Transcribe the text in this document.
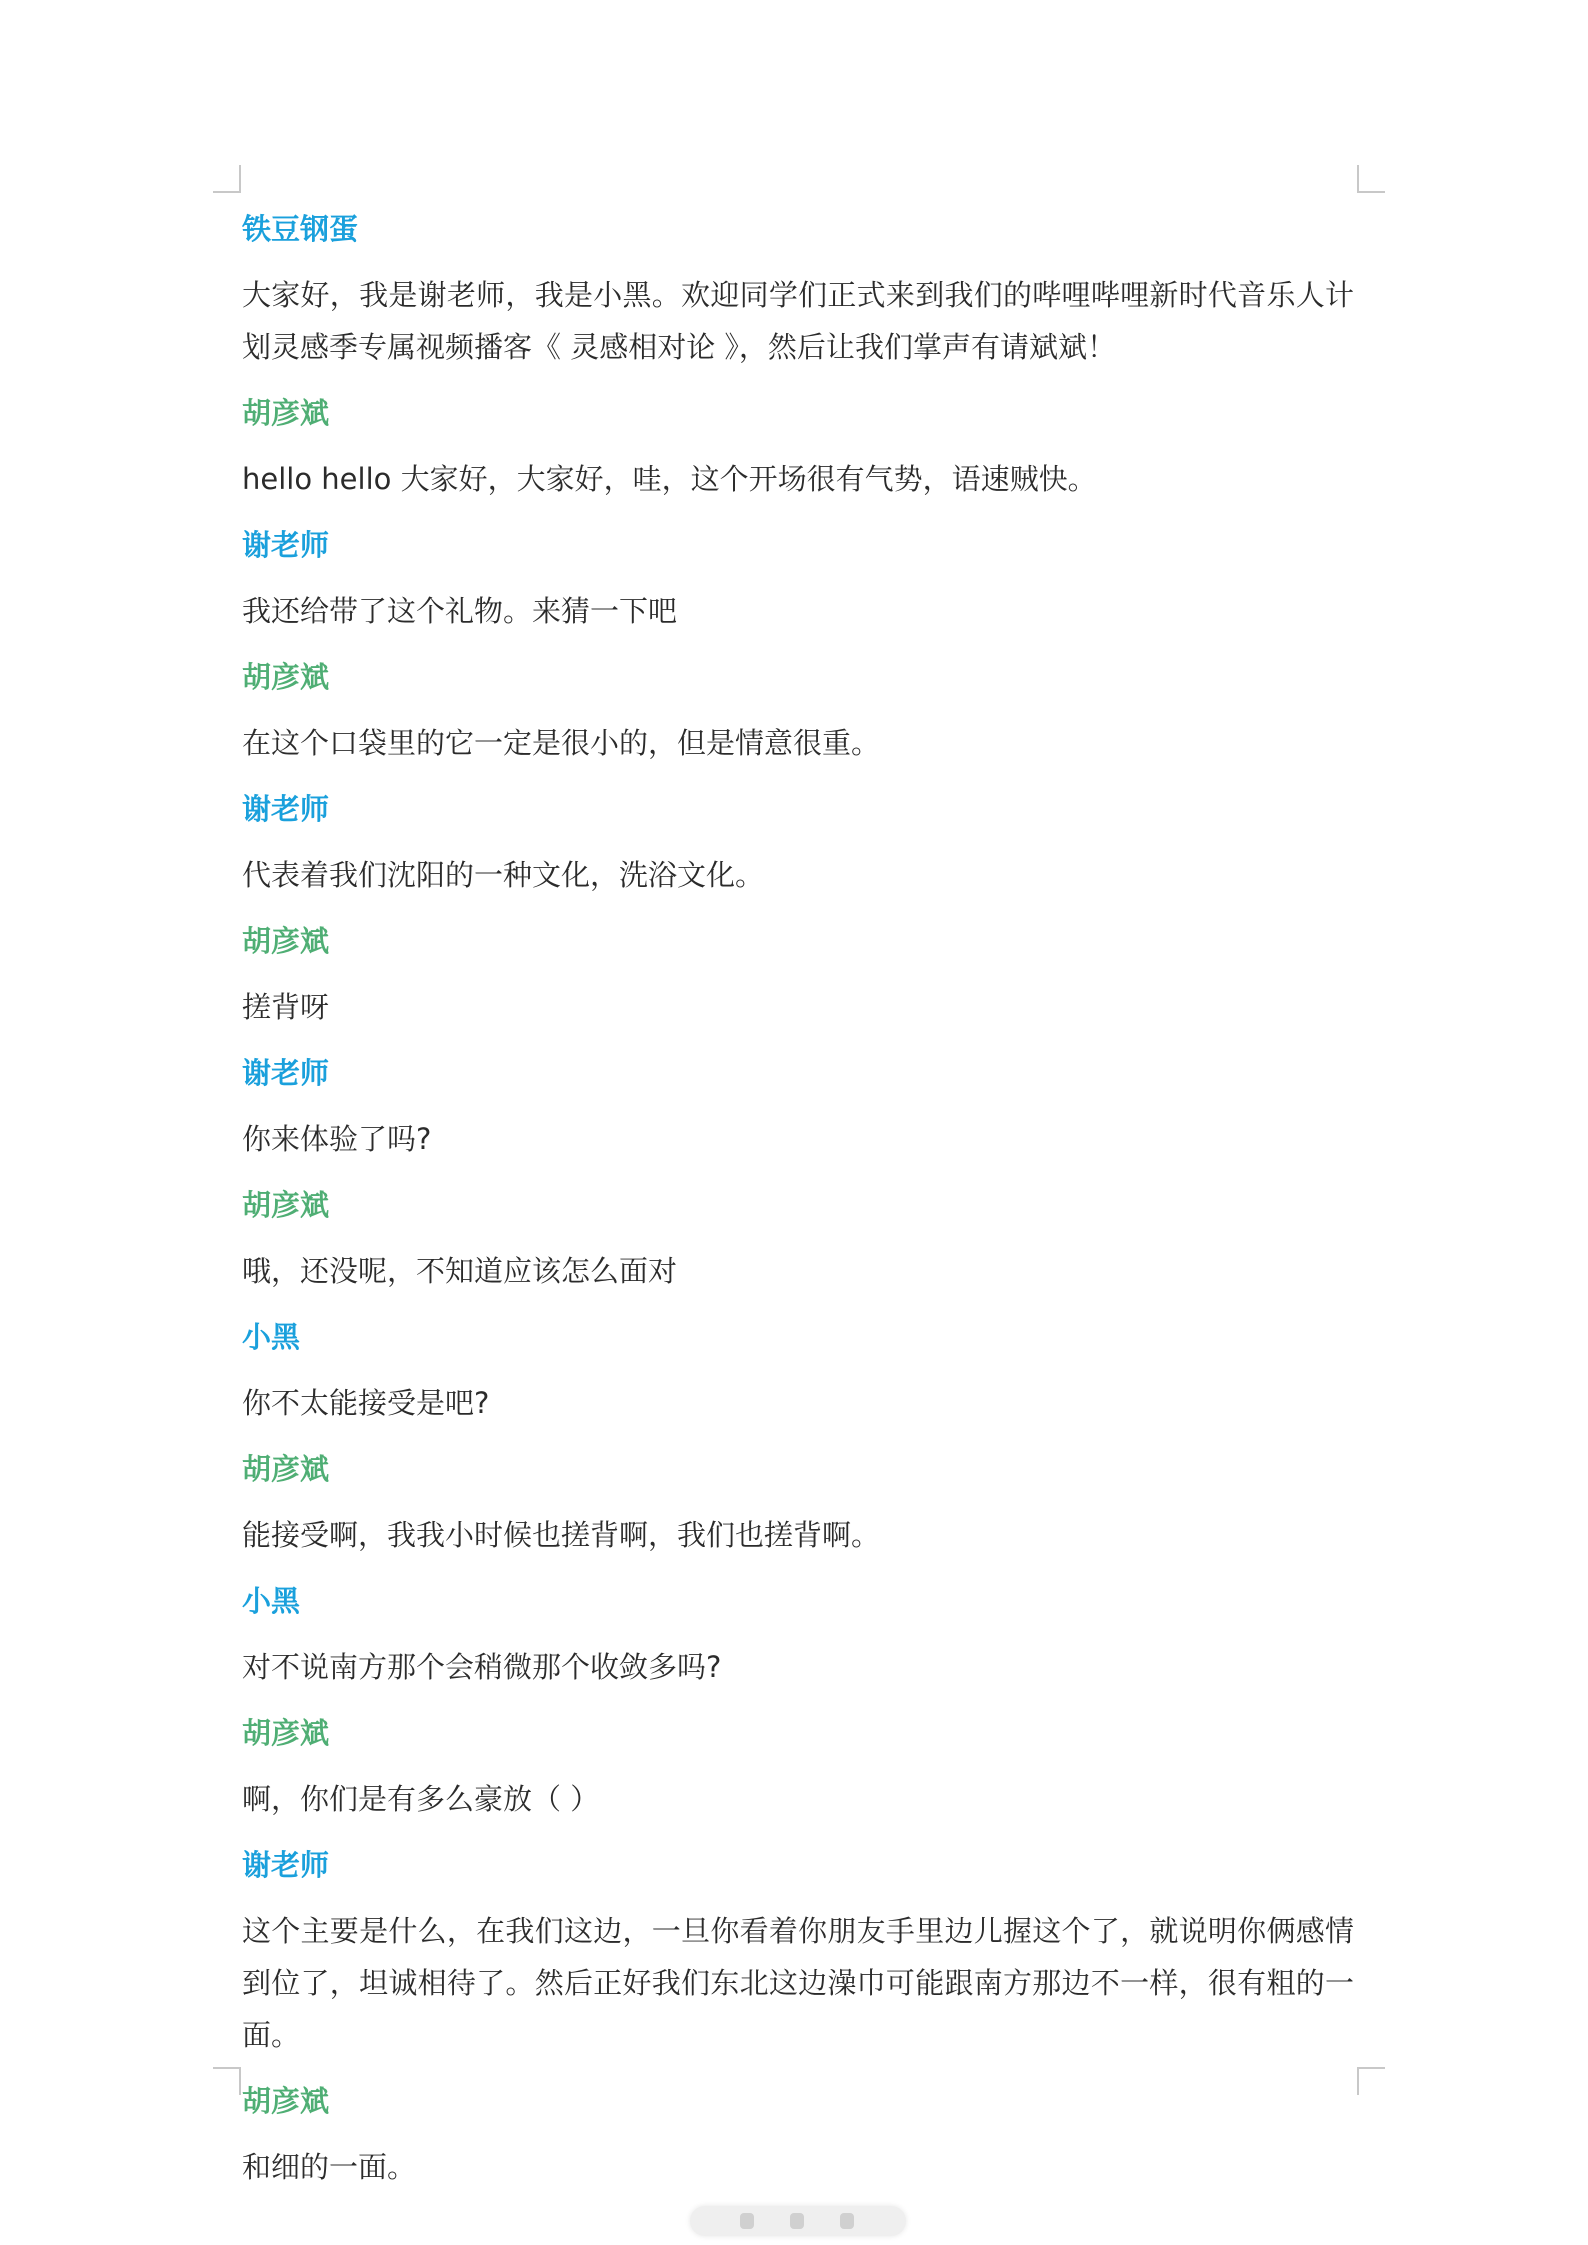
铁豆钢蛋
大家好，我是谢老师，我是小黑。欢迎同学们正式来到我们的哔哩哔哩新时代音乐人计划灵感季专属视频播客《 灵感相对论 》，然后让我们掌声有请斌斌！
胡彦斌
hello hello 大家好，大家好，哇，这个开场很有气势，语速贼快。
谢老师
我还给带了这个礼物。来猜一下吧
胡彦斌
在这个口袋里的它一定是很小的，但是情意很重。
谢老师
代表着我们沈阳的一种文化，洗浴文化。
胡彦斌
搓背呀
谢老师
你来体验了吗?
胡彦斌
哦，还没呢，不知道应该怎么面对
小黑
你不太能接受是吧?
胡彦斌
能接受啊，我我小时候也搓背啊，我们也搓背啊。
小黑
对不说南方那个会稍微那个收敛多吗?
胡彦斌
啊，你们是有多么豪放（ ）
谢老师
这个主要是什么，在我们这边，一旦你看着你朋友手里边儿握这个了，就说明你俩感情到位了，坦诚相待了。然后正好我们东北这边澡巾可能跟南方那边不一样，很有粗的一面。
胡彦斌
和细的一面。
